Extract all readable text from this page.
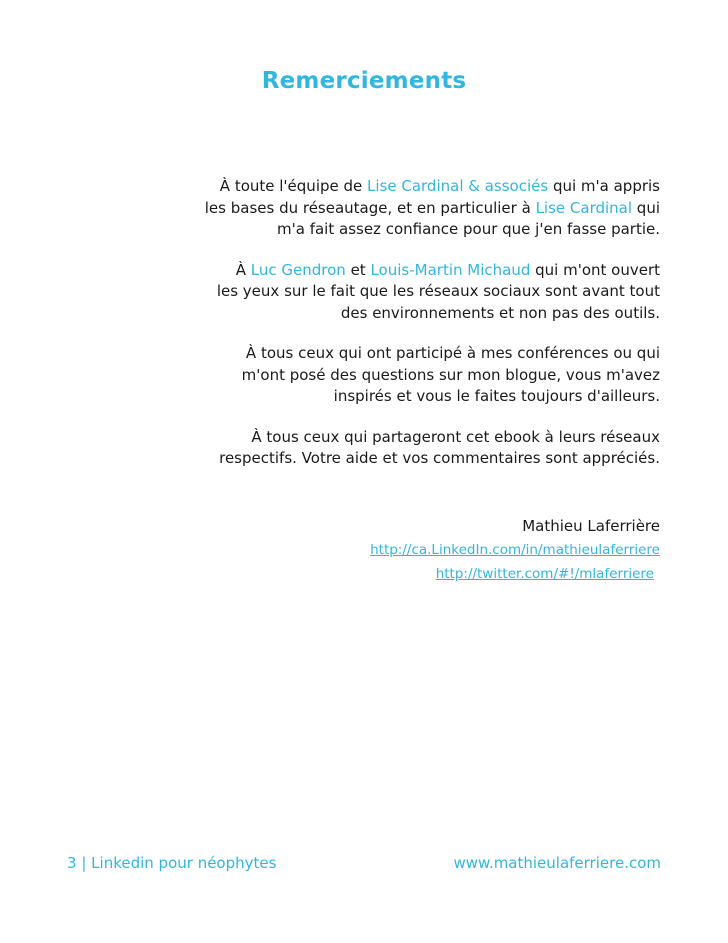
Remerciements
À toute l'équipe de Lise Cardinal & associés qui m'a appris
les bases du réseautage, et en particulier à Lise Cardinal qui
m'a fait assez confiance pour que j'en fasse partie.
À Luc Gendron et Louis-Martin Michaud qui m'ont ouvert
les yeux sur le fait que les réseaux sociaux sont avant tout
des environnements et non pas des outils.
À tous ceux qui ont participé à mes conférences ou qui
m'ont posé des questions sur mon blogue, vous m'avez
inspirés et vous le faites toujours d'ailleurs.
À tous ceux qui partageront cet ebook à leurs réseaux
respectifs. Votre aide et vos commentaires sont appréciés.
Mathieu Laferrière
http://ca.LinkedIn.com/in/mathieulaferriere
http://twitter.com/#!/mlaferriere
3 | Linkedin pour néophytes	www.mathieulaferriere.com
